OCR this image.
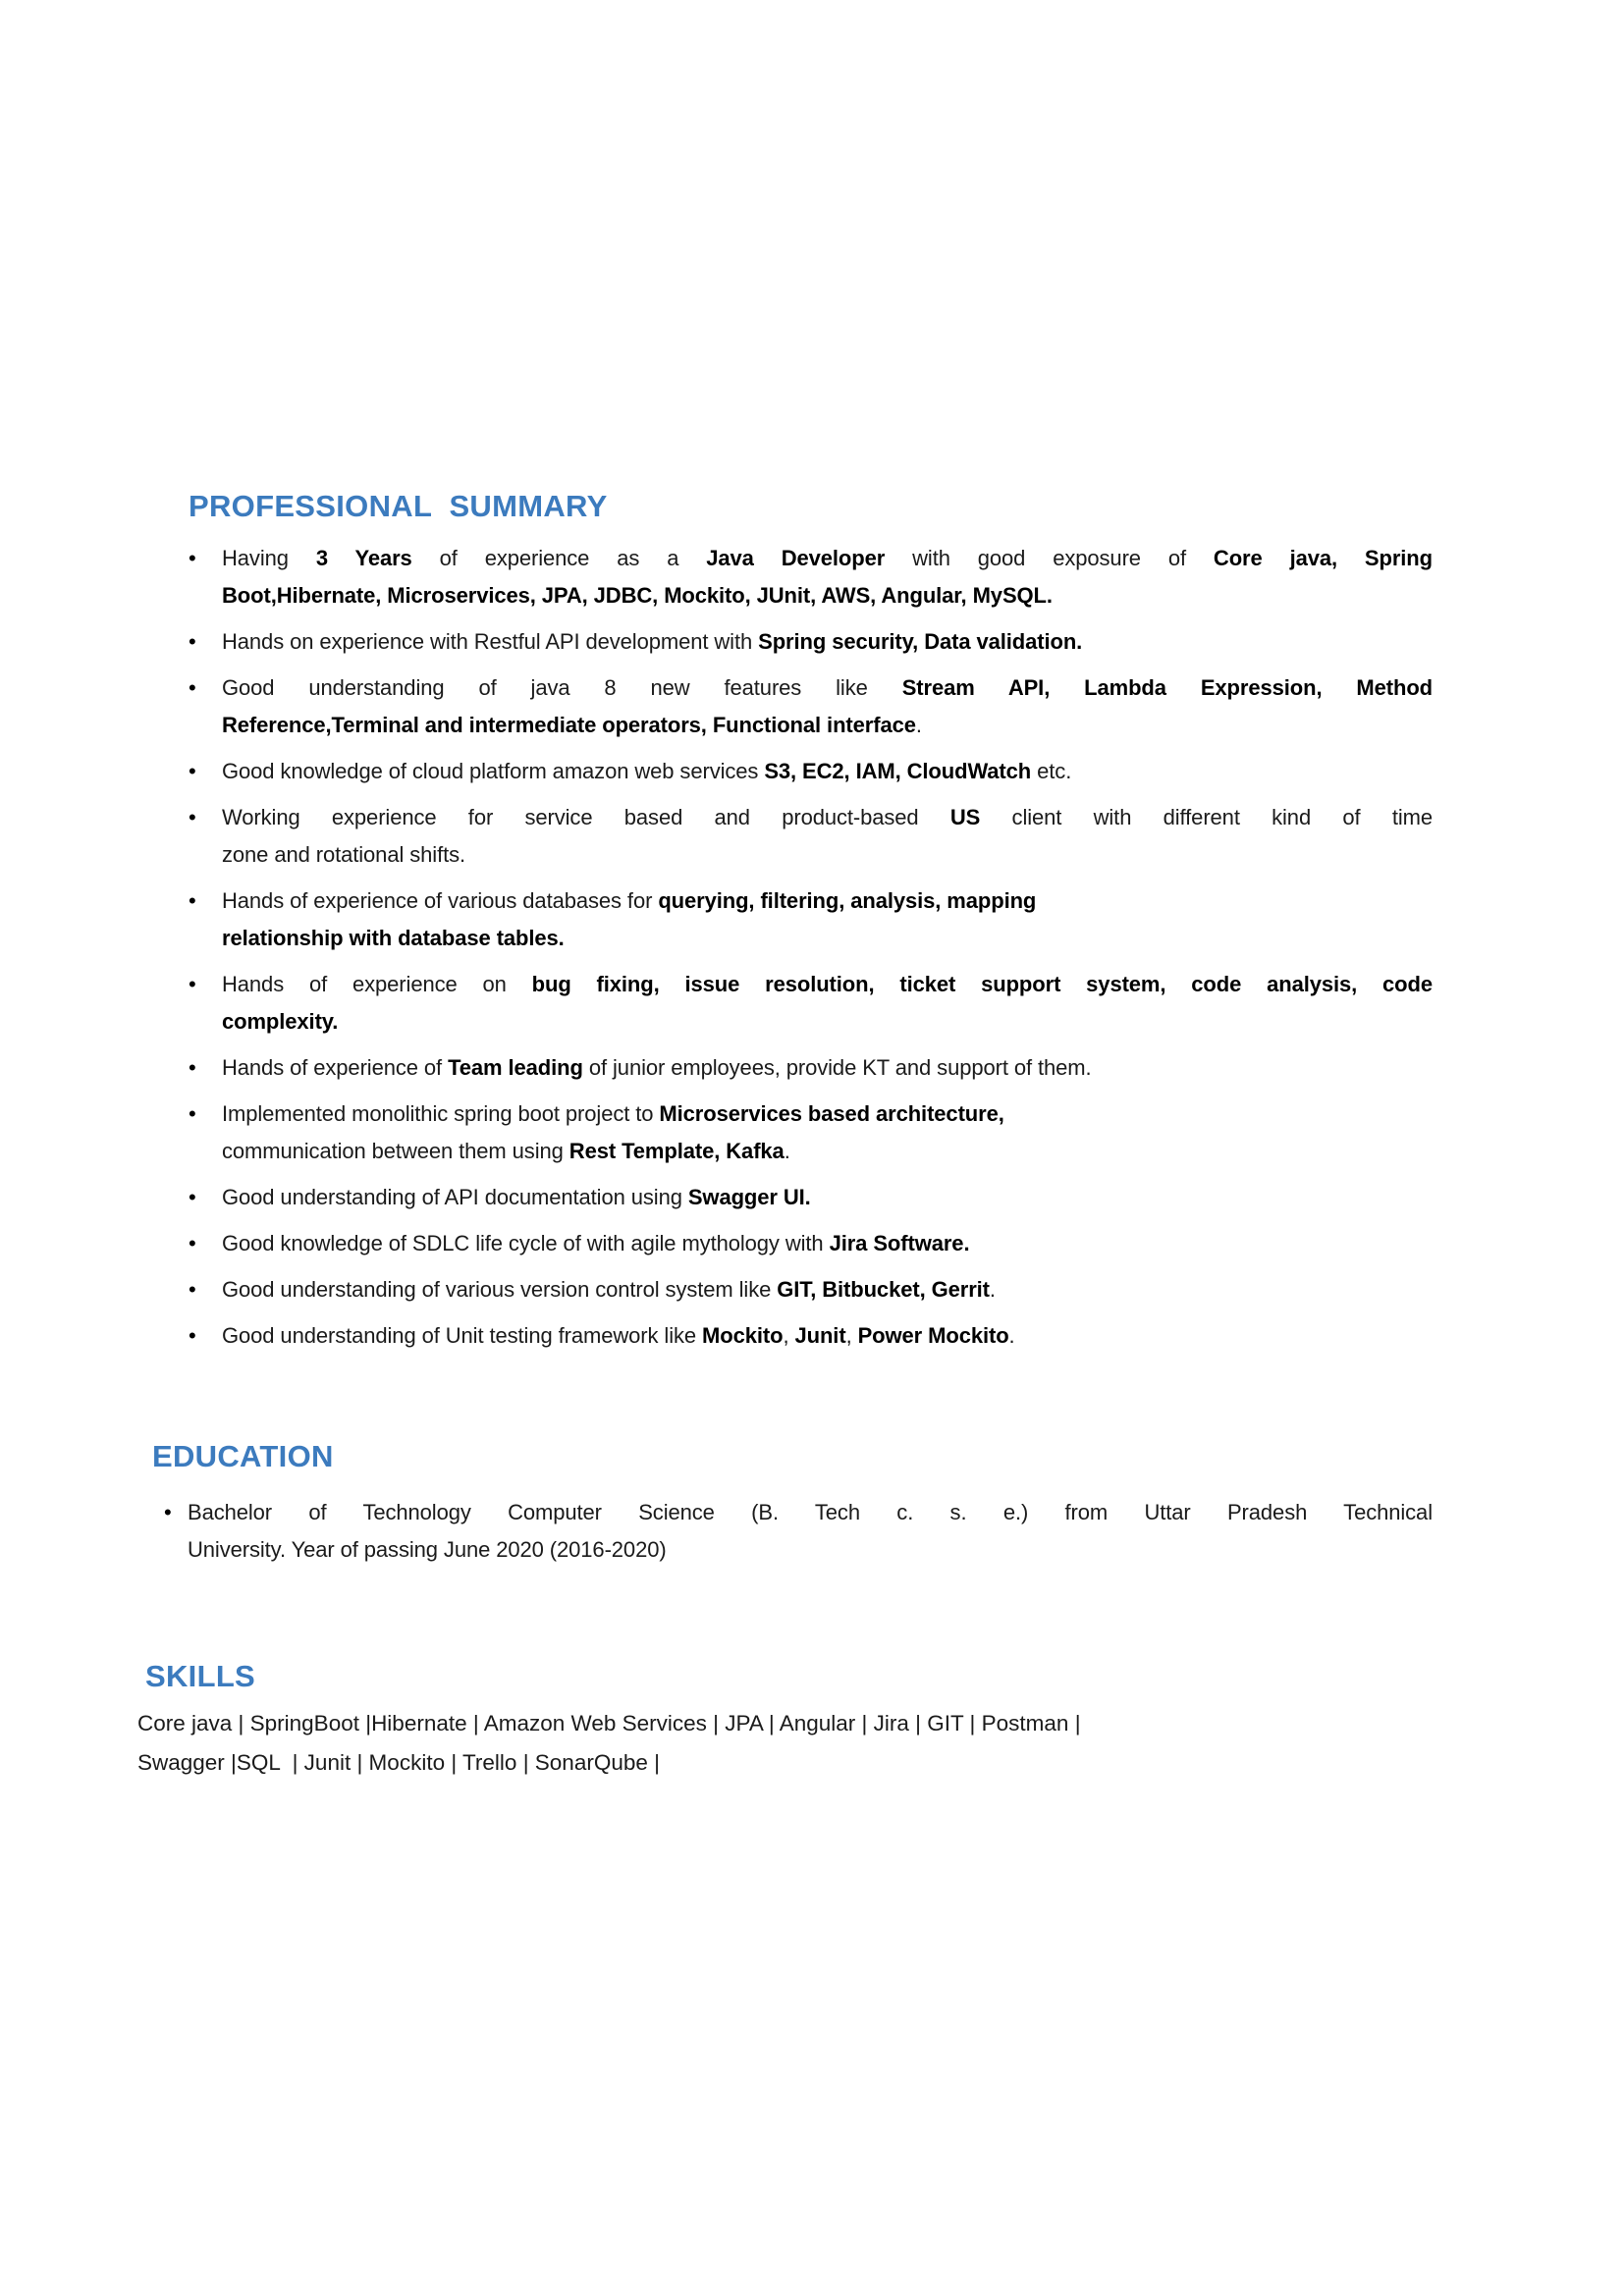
PROFESSIONAL  SUMMARY
•	Having 3 Years of experience as a Java Developer with good exposure of Core java, Spring
Boot,Hibernate, Microservices, JPA, JDBC, Mockito, JUnit, AWS, Angular, MySQL.
•	Hands on experience with Restful API development with Spring security, Data validation.
•	Good understanding of java 8 new features like Stream API, Lambda Expression, Method
Reference,Terminal and intermediate operators, Functional interface.
•	Good knowledge of cloud platform amazon web services S3, EC2, IAM, CloudWatch etc.
•	Working experience for service based and product-based US client with different kind of time
zone and rotational shifts.
•	Hands of experience of various databases for querying, filtering, analysis, mapping
relationship with database tables.
•	Hands of experience on bug fixing, issue resolution, ticket support system, code analysis, code
complexity.
•	Hands of experience of Team leading of junior employees, provide KT and support of them.
•	Implemented monolithic spring boot project to Microservices based architecture,
communication between them using Rest Template, Kafka.
•	Good understanding of API documentation using Swagger UI.
•	Good knowledge of SDLC life cycle of with agile mythology with Jira Software.
•	Good understanding of various version control system like GIT, Bitbucket, Gerrit.
•	Good understanding of Unit testing framework like Mockito, Junit, Power Mockito.
EDUCATION
• Bachelor of Technology Computer Science (B. Tech c. s. e.) from Uttar Pradesh Technical
University. Year of passing June 2020 (2016-2020)
SKILLS
Core java | SpringBoot |Hibernate | Amazon Web Services | JPA | Angular | Jira | GIT | Postman |
Swagger |SQL  | Junit | Mockito | Trello | SonarQube |
